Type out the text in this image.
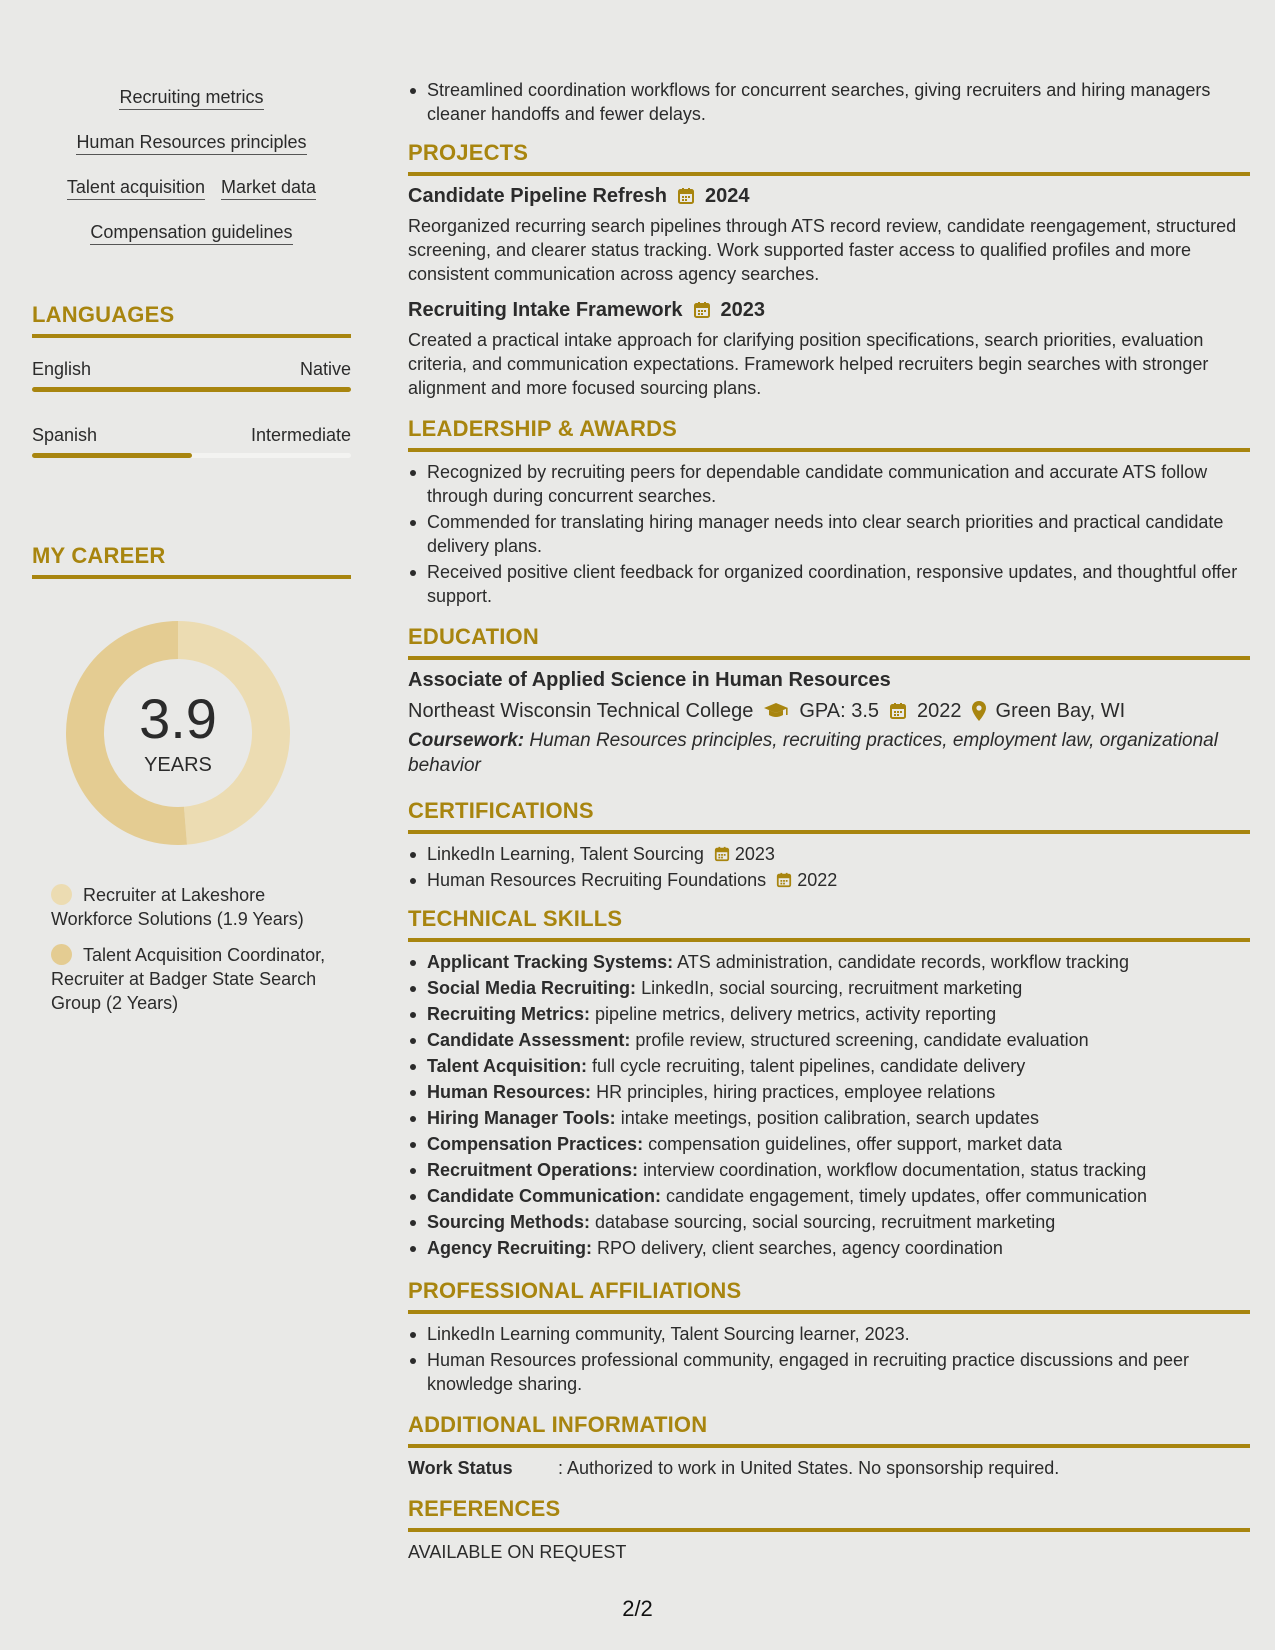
Recruiting metrics
Human Resources principles
Talent acquisition Market data
Compensation guidelines
LANGUAGES
English	Native
Spanish	Intermediate
MY CAREER
3.9
YEARS
Recruiter at Lakeshore Workforce Solutions (1.9 Years)
Talent Acquisition Coordinator, Recruiter at Badger State Search Group (2 Years)
Streamlined coordination workflows for concurrent searches, giving recruiters and hiring managers cleaner handoffs and fewer delays.
PROJECTS
Candidate Pipeline Refresh 2024
Reorganized recurring search pipelines through ATS record review, candidate reengagement, structured screening, and clearer status tracking. Work supported faster access to qualified profiles and more consistent communication across agency searches.
Recruiting Intake Framework 2023
Created a practical intake approach for clarifying position specifications, search priorities, evaluation criteria, and communication expectations. Framework helped recruiters begin searches with stronger alignment and more focused sourcing plans.
LEADERSHIP & AWARDS
Recognized by recruiting peers for dependable candidate communication and accurate ATS follow through during concurrent searches.
Commended for translating hiring manager needs into clear search priorities and practical candidate delivery plans.
Received positive client feedback for organized coordination, responsive updates, and thoughtful offer support.
EDUCATION
Associate of Applied Science in Human Resources
Northeast Wisconsin Technical College GPA: 3.5 2022 Green Bay, WI
Coursework: Human Resources principles, recruiting practices, employment law, organizational behavior
CERTIFICATIONS
LinkedIn Learning, Talent Sourcing 2023
Human Resources Recruiting Foundations 2022
TECHNICAL SKILLS
Applicant Tracking Systems: ATS administration, candidate records, workflow tracking
Social Media Recruiting: LinkedIn, social sourcing, recruitment marketing
Recruiting Metrics: pipeline metrics, delivery metrics, activity reporting
Candidate Assessment: profile review, structured screening, candidate evaluation
Talent Acquisition: full cycle recruiting, talent pipelines, candidate delivery
Human Resources: HR principles, hiring practices, employee relations
Hiring Manager Tools: intake meetings, position calibration, search updates
Compensation Practices: compensation guidelines, offer support, market data
Recruitment Operations: interview coordination, workflow documentation, status tracking
Candidate Communication: candidate engagement, timely updates, offer communication
Sourcing Methods: database sourcing, social sourcing, recruitment marketing
Agency Recruiting: RPO delivery, client searches, agency coordination
PROFESSIONAL AFFILIATIONS
LinkedIn Learning community, Talent Sourcing learner, 2023.
Human Resources professional community, engaged in recruiting practice discussions and peer knowledge sharing.
ADDITIONAL INFORMATION
Work Status	: Authorized to work in United States. No sponsorship required.
REFERENCES
AVAILABLE ON REQUEST
2/2
